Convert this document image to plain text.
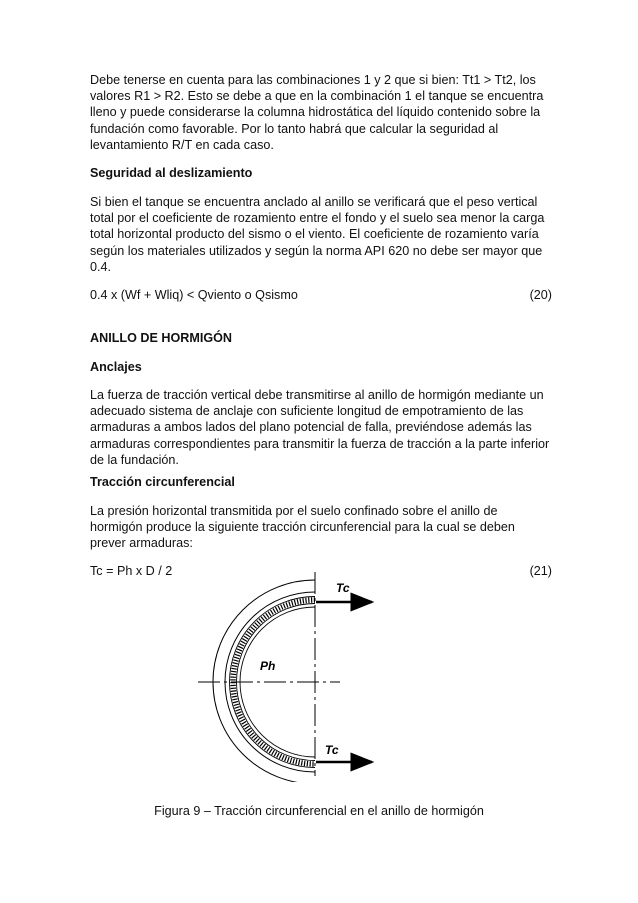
Debe tenerse en cuenta para las combinaciones 1 y 2 que si bien: Tt1 > Tt2, los valores R1 > R2. Esto se debe a que en la combinación 1 el tanque se encuentra lleno y puede considerarse la columna hidrostática del líquido contenido sobre la fundación como favorable. Por lo tanto habrá que calcular la seguridad al levantamiento R/T en cada caso.

Seguridad al deslizamiento

Si bien el tanque se encuentra anclado al anillo se verificará que el peso vertical total por el coeficiente de rozamiento entre el fondo y el suelo sea menor la carga total horizontal producto del sismo o el viento. El coeficiente de rozamiento varía según los materiales utilizados y según la norma API 620 no debe ser mayor que 0.4.

0.4 x (Wf + Wliq) < Qviento o Qsismo	(20)

ANILLO DE HORMIGÓN

Anclajes

La fuerza de tracción vertical debe transmitirse al anillo de hormigón mediante un adecuado sistema de anclaje con suficiente longitud de empotramiento de las armaduras a ambos lados del plano potencial de falla, previéndose además las armaduras correspondientes para transmitir la fuerza de tracción a la parte inferior de la fundación.

Tracción circunferencial

La presión horizontal transmitida por el suelo confinado sobre el anillo de hormigón produce la siguiente tracción circunferencial para la cual se deben prever armaduras:

Tc = Ph x D / 2	(21)
Tc
Tc
Ph
Figura 9 – Tracción circunferencial en el anillo de hormigón
